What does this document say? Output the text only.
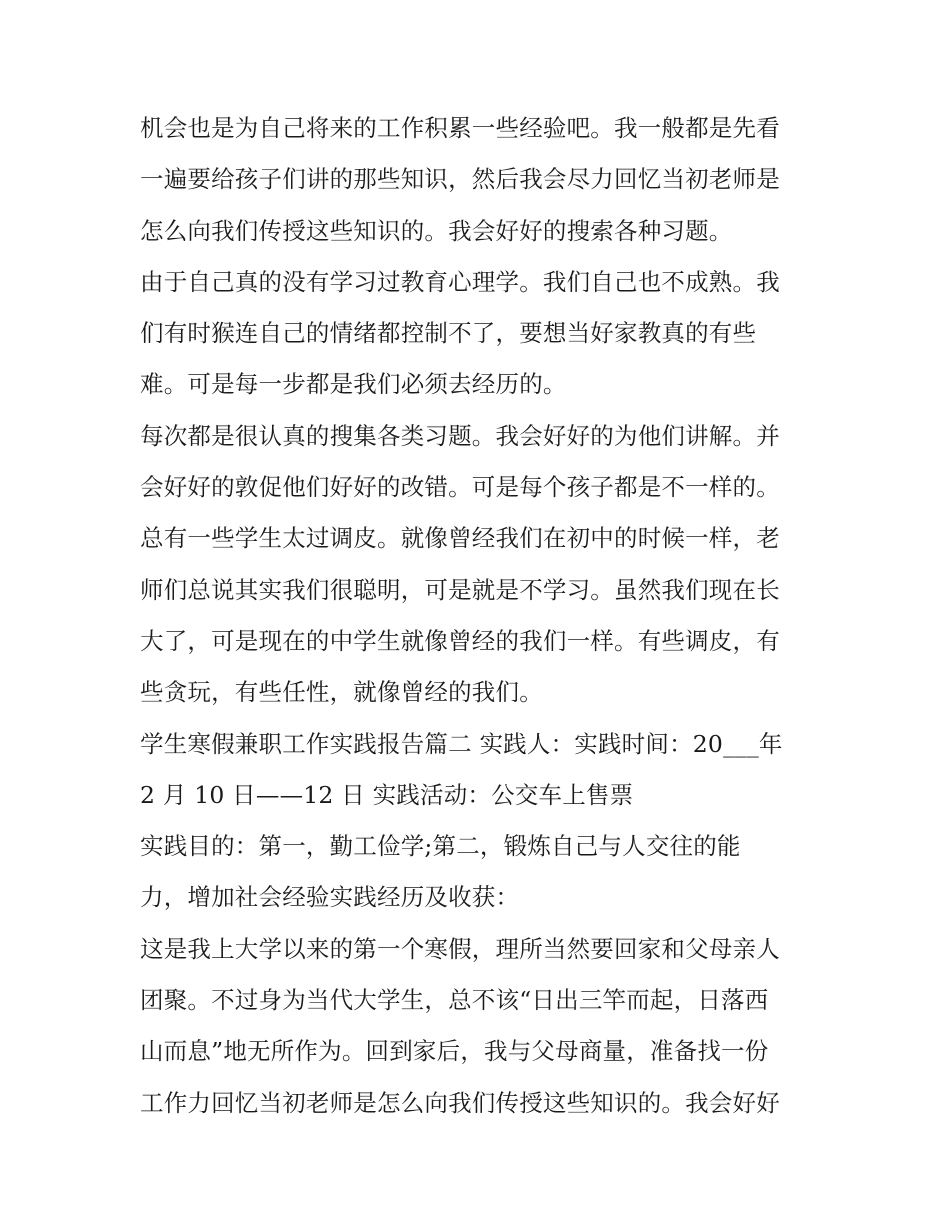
机会也是为自己将来的工作积累一些经验吧。我一般都是先看
一遍要给孩子们讲的那些知识，然后我会尽力回忆当初老师是
怎么向我们传授这些知识的。我会好好的搜索各种习题。
由于自己真的没有学习过教育心理学。我们自己也不成熟。我
们有时猴连自己的情绪都控制不了，要想当好家教真的有些
难。可是每一步都是我们必须去经历的。
每次都是很认真的搜集各类习题。我会好好的为他们讲解。并
会好好的敦促他们好好的改错。可是每个孩子都是不一样的。
总有一些学生太过调皮。就像曾经我们在初中的时候一样，老
师们总说其实我们很聪明，可是就是不学习。虽然我们现在长
大了，可是现在的中学生就像曾经的我们一样。有些调皮，有
些贪玩，有些任性，就像曾经的我们。
学生寒假兼职工作实践报告篇二 实践人：实践时间：20___年
2 月 10 日——12 日 实践活动：公交车上售票
实践目的：第一，勤工俭学;第二，锻炼自己与人交往的能
力，增加社会经验实践经历及收获：
这是我上大学以来的第一个寒假，理所当然要回家和父母亲人
团聚。不过身为当代大学生，总不该“日出三竿而起，日落西
山而息”地无所作为。回到家后，我与父母商量，准备找一份
工作力回忆当初老师是怎么向我们传授这些知识的。我会好好
